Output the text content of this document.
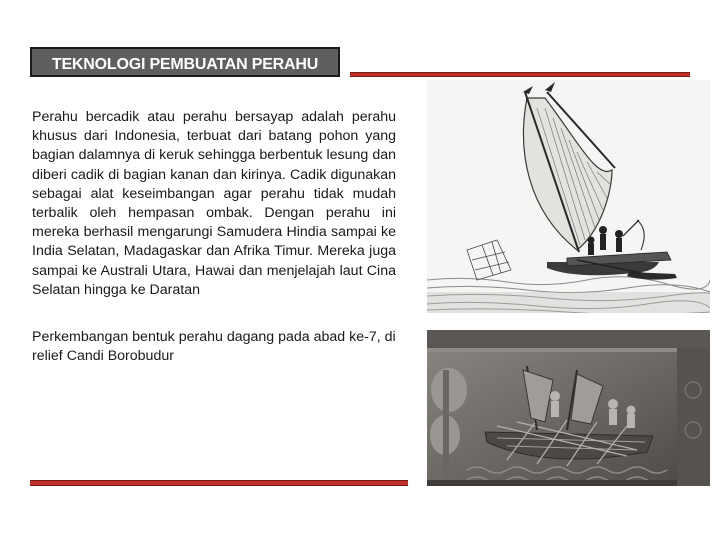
TEKNOLOGI PEMBUATAN PERAHU

Perahu bercadik atau perahu bersayap adalah perahu khusus dari Indonesia, terbuat dari batang pohon yang bagian dalamnya di keruk sehingga berbentuk lesung dan diberi cadik di bagian kanan dan kirinya. Cadik digunakan sebagai alat keseimbangan agar perahu tidak mudah terbalik oleh hempasan ombak. Dengan perahu ini mereka berhasil mengarungi Samudera Hindia sampai ke India Selatan, Madagaskar dan Afrika Timur. Mereka juga sampai ke Australi Utara, Hawai dan menjelajah laut Cina Selatan hingga ke Daratan

Perkembangan bentuk perahu dagang pada abad ke-7, di relief Candi Borobudur
